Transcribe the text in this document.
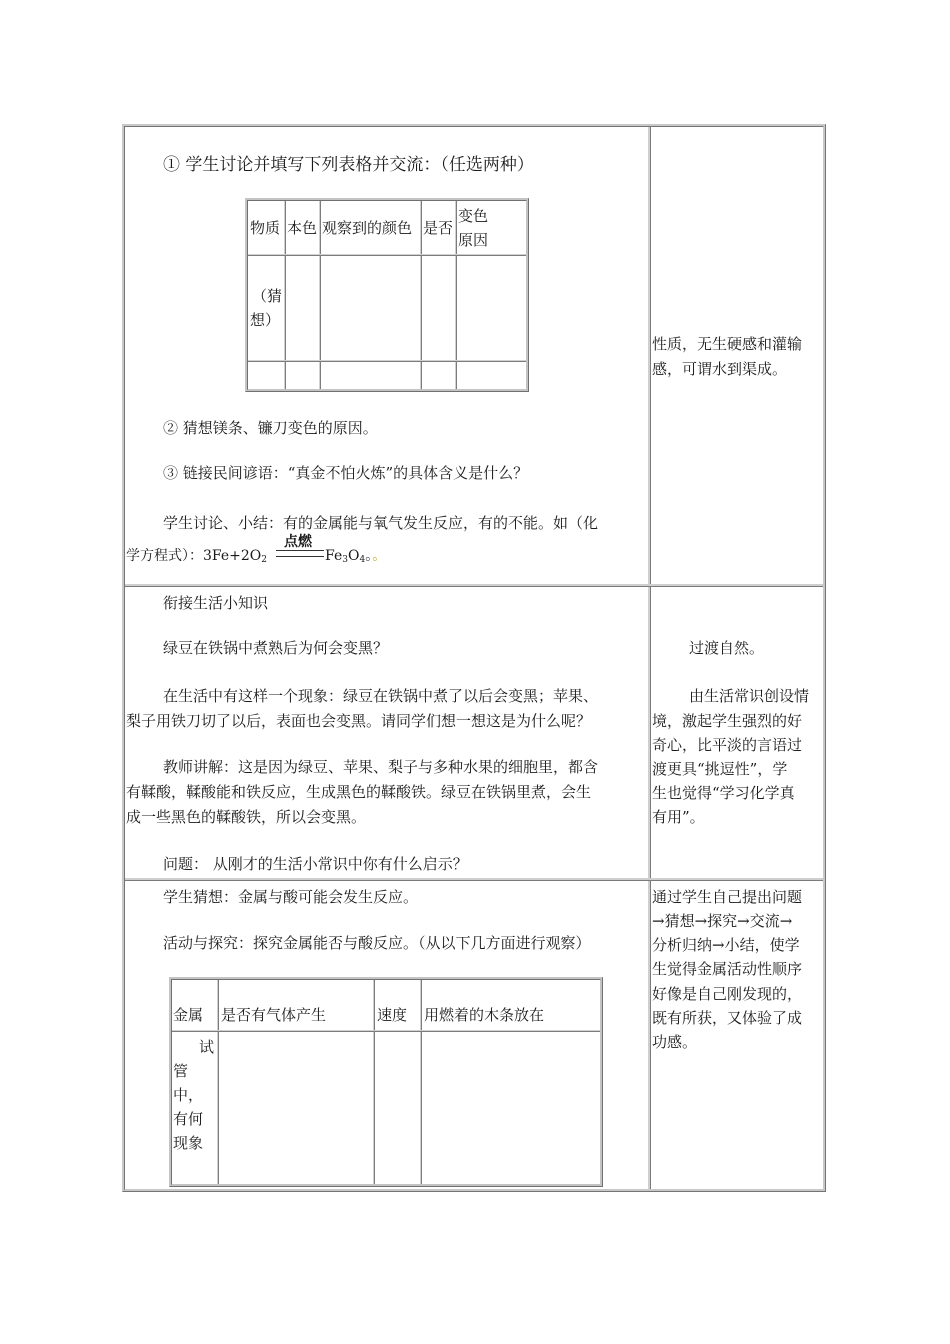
① 学生讨论并填写下列表格并交流：（任选两种）
物质 本色 观察到的颜色 是否
变色
原因
（猜
想）
② 猜想镁条、镰刀变色的原因。
③ 链接民间谚语：“真金不怕火炼”的具体含义是什么？
学生讨论、小结：有的金属能与氧气发生反应，有的不能。如（化
学方程式）：$3Fe+2O_2$	$Fe_3O_4$。。
点燃
性质，无生硬感和灌输
感，可谓水到渠成。
衔接生活小知识
绿豆在铁锅中煮熟后为何会变黑？
在生活中有这样一个现象：绿豆在铁锅中煮了以后会变黑；苹果、
梨子用铁刀切了以后，表面也会变黑。请同学们想一想这是为什么呢？
教师讲解：这是因为绿豆、苹果、梨子与多种水果的细胞里，都含
有鞣酸，鞣酸能和铁反应，生成黑色的鞣酸铁。绿豆在铁锅里煮，会生
成一些黑色的鞣酸铁，所以会变黑。
问题： 从刚才的生活小常识中你有什么启示？
过渡自然。
由生活常识创设情
境，激起学生强烈的好
奇心，比平淡的言语过
渡更具“挑逗性”，学
生也觉得“学习化学真
有用”。
学生猜想：金属与酸可能会发生反应。
活动与探究：探究金属能否与酸反应。（从以下几方面进行观察）
金属 是否有气体产生	速度 用燃着的木条放在
试
管
中，
有何
现象
通过学生自己提出问题
→猜想→探究→交流→
分析归纳→小结，使学
生觉得金属活动性顺序
好像是自己刚发现的，
既有所获，又体验了成
功感。
